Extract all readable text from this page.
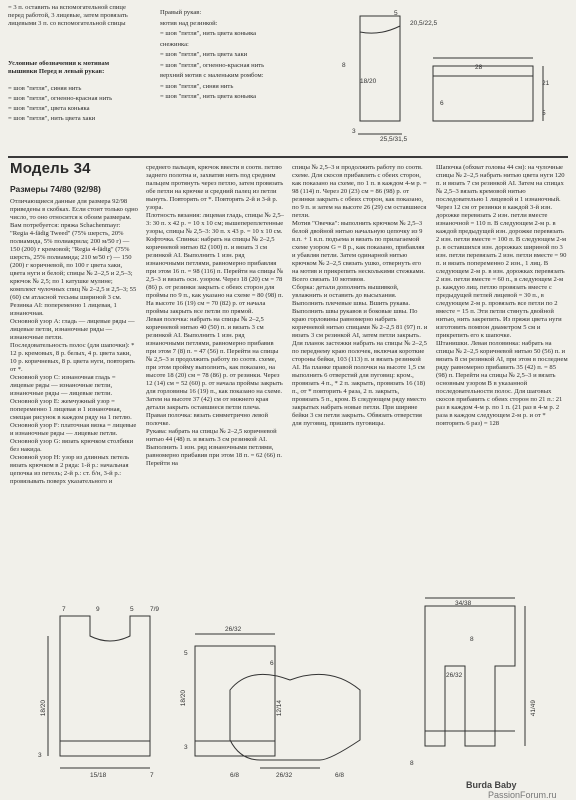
= 3 п. оставить на вспомогательной спице перед работой, 3 лицевые, затем провязать лицевыми 3 п. со вспомогательной спицы
Условные обозначения к мотивам вышивки Перед и левый рукав:
= шов "петля", синяя нить
= шов "петля", огненно-красная нить
= шов "петля", цвета коньяка
= шов "петля", нить цвета хаки
Правый рукав:
мотив над резинкой:
= шов "петля", нить цвета коньяка
снежинка:
= шов "петля", нить цвета хаки
= шов "петля", огненно-красная нить
верхний мотив с маленьким ромбом:
= шов "петля", синяя нить
= шов "петля", нить цвета коньяка
5
20,5/22,5
8	28
21
18/20
6
3
25,5/31,5
5
Модель 34
Размеры 74/80 (92/98)
Отличающиеся данные для размера 92/98 приведены в скобках. Если стоит только одно число, то оно относится к обоим размерам.
Вам потребуется: пряжа Schachenmayr: "Regia 4-fädig Tweed" (75% шерсть, 20% полиамида, 5% полиакрила; 200 м/50 г) — 150 (200) г кремовой; "Regia 4-fädig" (75% шерсть, 25% полиамида; 210 м/50 г) — 150 (200) г коричневой, по 100 г цвета хаки, цвета нуги и белой; спицы № 2–2,5 и 2,5–3; крючок № 2,5; по 1 катушке мулине; комплект чулочных спиц № 2–2,5 и 2,5–3; 55 (60) см атласной тесьмы шириной 3 см.
Резинка AI: попеременно 1 лицевая, 1 изнаночная.
Основной узор А: гладь — лицевые ряды — лицевые петли, изнаночные ряды — изнаночные петли.
Последовательность полос (для шапочки): * 12 р. кремовых, 8 р. белых, 4 р. цвета хаки, 10 р. коричневых, 8 р. цвета нуги, повторять от *.
Основной узор С: изнаночная гладь = лицевые ряды — изнаночные петли, изнаночные ряды — лицевые петли.
Основной узор Е: жемчужный узор = попеременно 1 лицевая и 1 изнаночная, смещая рисунок в каждом ряду на 1 петлю.
Основной узор F: платочная вязка = лицевые и изнаночные ряды — лицевые петли.
Основной узор G: вязать крючком столбики без накида.
Основной узор Н: узор из длинных петель вязать крючком в 2 ряда: 1-й р.: начальная цепочка из петель; 2-й р.: ст. б/н, 3-й р.: провязывать поверх указательного и
среднего пальцев, крючок ввести в соотв. петлю заднего полотна и, захватив нить под средним пальцем протянуть через петлю, затем провязать обе петли на крючке и средний палец из петли вынуть. Повторять от *. Повторять 2-й и 3-й р. узора.
Плотность вязания: лицевая гладь, спицы № 2,5–3: 30 п. х 42 р. = 10 х 10 см; вышепереплетенные узоры, спицы № 2,5–3: 30 п. х 43 р. = 10 х 10 см.
Кофточка. Спинка: набрать на спицы № 2–2,5 коричневой нитью 82 (100) п. и вязать 3 см резинкой AI. Выполнить 1 изн. ряд изнаночными петлями, равномерно прибавляя при этом 16 п. = 98 (116) п. Перейти на спицы № 2,5–3 и вязать осн. узором. Через 18 (20) см = 78 (86) р. от резинки закрыть с обеих сторон для проймы по 9 п., как указано на схеме = 80 (98) п. На высоте 16 (19) см = 70 (82) р. от начала проймы закрыть все петли по прямой.
Левая полочка: набрать на спицы № 2–2,5 коричневой нитью 40 (50) п. и вязать 3 см резинкой AI. Выполнить 1 изн. ряд изнаночными петлями, равномерно прибавив при этом 7 (8) п. = 47 (56) п. Перейти на спицы № 2,5–3 и продолжить работу по соотв. схеме, при этом пройму выполнить, как показано, на высоте 18 (20) см = 78 (86) р. от резинки. Через 12 (14) см = 52 (60) р. от начала проймы закрыть для горловины 16 (19) п., как показано на схеме. Затем на высоте 37 (42) см от нижнего края детали закрыть оставшиеся петли плеча.
Правая полочка: вязать симметрично левой полочке.
Рукава: набрать на спицы № 2–2,5 коричневой нитью 44 (48) п. и вязать 3 см резинкой AI. Выполнить 1 изн. ряд изнаночными петлями, равномерно прибавив при этом 18 п. = 62 (66) п. Перейти на
спицы № 2,5–3 и продолжить работу по соотв. схеме. Для скосов прибавлять с обеих сторон, как показано на схеме, по 1 п. в каждом 4-м р. = 98 (114) п. Через 20 (23) см = 86 (98) р. от резинки закрыть с обеих сторон, как показано, по 9 п. и затем на высоте 26 (29) см оставшиеся петли.
Мотив "Овечка": выполнить крючком № 2,5–3 белой двойной нитью начальную цепочку из 9 в.п. + 1 в.п. подъема и вязать по прилагаемой схеме узором G = 8 р., как показано, прибавляя и убавляя петли. Затем одинарной нитью крючком № 2–2,5 связать ушко, отвернуть его на мотив и прикрепить несколькими стежками. Всего связать 10 мотивов.
Сборка: детали дополнить вышивкой, увлажнить и оставить до высыхания. Выполнить плечевые швы. Вшить рукава. Выполнить швы рукавов и боковые швы. По краю горловины равномерно набрать коричневой нитью спицами № 2–2,5 81 (97) п. и вязать 3 см резинкой AI, затем петли закрыть. Для планок застежки набрать на спицы № 2–2,5 по переднему краю полочек, включая короткие стороны бейки, 103 (113) п. и вязать резинкой AI. На планке правой полочки на высоте 1,5 см выполнить 6 отверстий для пуговиц: кром., провязать 4 п., * 2 п. закрыть, провязать 16 (18) п., от * повторить 4 раза, 2 п. закрыть, провязать 5 п., кром. В следующем ряду вместо закрытых набрать новые петли. При ширине бейки 3 см петли закрыть. Обвязать отверстия для пуговиц, пришить пуговицы.
Шапочка (обхват головы 44 см): на чулочные спицы № 2–2,5 набрать нитью цвета нуги 120 п. и вязать 7 см резинкой AI. Затем на спицах № 2,5–3 вязать кремовой нитью последовательно 1 лицевой и 1 изнаночный. Через 12 см от резинки в каждой 3-й изн. дорожке перевязать 2 изн. петли вместе изнаночной = 110 п. В следующем 2-м р. в каждой предыдущей изн. дорожке перевязать 2 изн. петли вместе = 100 п. В следующем 2-м р. в оставшихся изн. дорожках шириной по 3 изн. петли перевязать 2 изн. петли вместе = 90 п. и вязать попеременно 2 изн., 1 лиц. В следующем 2-м р. в изн. дорожках перевязать 2 изн. петли вместе = 60 п., в следующем 2-м р. каждую лиц. петлю провязать вместе с предыдущей петлей лицевой = 30 п., в следующем 2-м р. провязать все петли по 2 вместе = 15 п. Эти петли стянуть двойной нитью, нить закрепить. Из пряжи цвета нуги изготовить помпон диаметром 5 см и прикрепить его к шапочке.
Штанишки. Левая половинка: набрать на спицы № 2–2,5 коричневой нитью 50 (56) п. и вязать 8 см резинкой AI, при этом в последнем ряду равномерно прибавить 35 (42) п. = 85 (98) п. Перейти на спицы № 2,5–3 и вязать основным узором В в указанной последовательности полос. Для шаговых скосов прибавить с обеих сторон по 21 п.: 21 раз в каждом 4-м р. по 1 п. (21 раз в 4-м р. 2 раза в каждом следующем 2-м р. и от * повторить 6 раз) = 128
7	9	5	7/9
18/20
3
15/18	7
26/32
5
18/20
6
12/14
3
6/8	26/32	6/8
34/38
8
26/32
41/49
8
Burda Baby
PassionForum.ru
